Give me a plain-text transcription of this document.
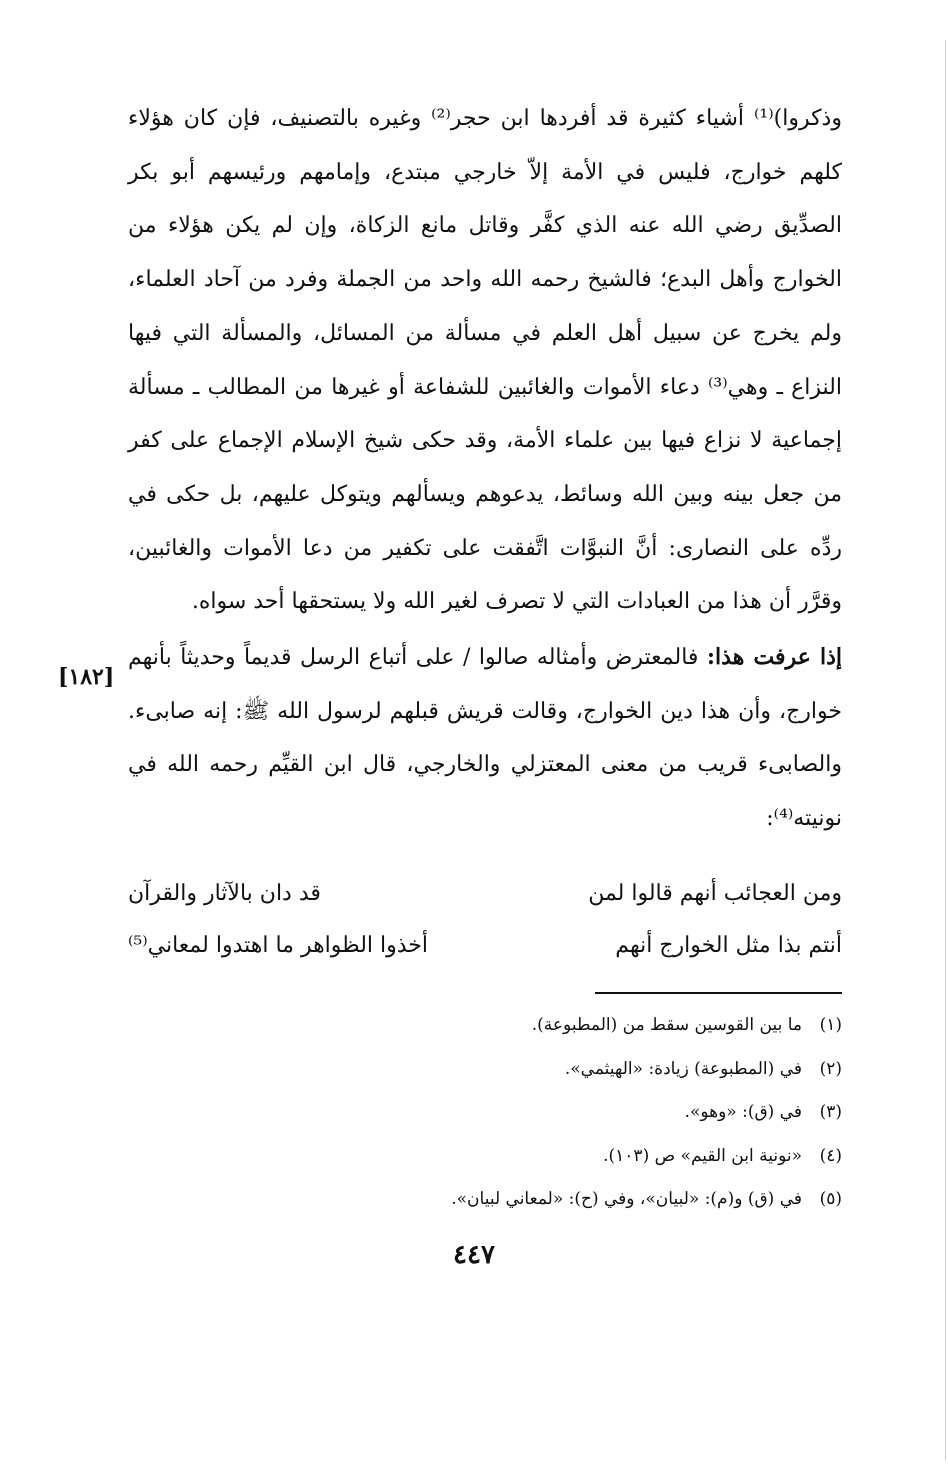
وذكروا)⁽¹⁾ أشياء كثيرة قد أفردها ابن حجر⁽²⁾ وغيره بالتصنيف، فإن كان هؤلاء كلهم خوارج، فليس في الأمة إلاّ خارجي مبتدع، وإمامهم ورئيسهم أبو بكر الصدِّيق رضي الله عنه الذي كفَّر وقاتل مانع الزكاة، وإن لم يكن هؤلاء من الخوارج وأهل البدع؛ فالشيخ رحمه الله واحد من الجملة وفرد من آحاد العلماء، ولم يخرج عن سبيل أهل العلم في مسألة من المسائل، والمسألة التي فيها النزاع ـ وهي⁽³⁾ دعاء الأموات والغائبين للشفاعة أو غيرها من المطالب ـ مسألة إجماعية لا نزاع فيها بين علماء الأمة، وقد حكى شيخ الإسلام الإجماع على كفر من جعل بينه وبين الله وسائط، يدعوهم ويسألهم ويتوكل عليهم، بل حكى في ردِّه على النصارى: أنَّ النبوَّات اتَّفقت على تكفير من دعا الأموات والغائبين، وقرَّر أن هذا من العبادات التي لا تصرف لغير الله ولا يستحقها أحد سواه.

إذا عرفت هذا: فالمعترض وأمثاله صالوا / على أتباع الرسل قديماً وحديثاً بأنهم خوارج، وأن هذا دين الخوارج، وقالت قريش قبلهم لرسول الله ﷺ: إنه صابىء. والصابىء قريب من معنى المعتزلي والخارجي، قال ابن القيِّم رحمه الله في نونيته⁽⁴⁾:

[١٨٢]
ومن العجائب أنهم قالوا لمن
قد دان بالآثار والقرآن
أنتم بذا مثل الخوارج أنهم
أخذوا الظواهر ما اهتدوا لمعاني⁽⁵⁾
(١)ما بين القوسين سقط من (المطبوعة).
(٢)في (المطبوعة) زيادة: «الهيثمي».
(٣)في (ق): «وهو».
(٤)«نونية ابن القيم» ص (١٠٣).
(٥)في (ق) و(م): «لبيان»، وفي (ح): «لمعاني لبيان».
٤٤٧
